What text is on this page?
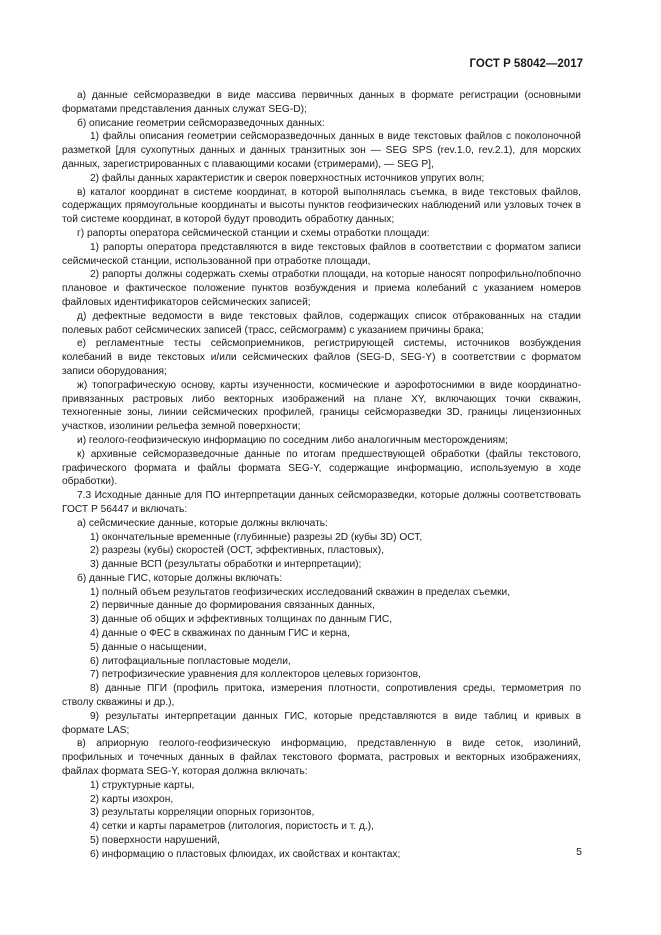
ГОСТ Р 58042—2017

а) данные сейсморазведки в виде массива первичных данных в формате регистрации (основными форматами представления данных служат SEG-D);

б) описание геометрии сейсморазведочных данных:

1) файлы описания геометрии сейсморазведочных данных в виде текстовых файлов с поколоночной разметкой [для сухопутных данных и данных транзитных зон — SEG SPS (rev.1.0, rev.2.1), для морских данных, зарегистрированных с плавающими косами (стримерами), — SEG P],

2) файлы данных характеристик и сверок поверхностных источников упругих волн;

в) каталог координат в системе координат, в которой выполнялась съемка, в виде текстовых файлов, содержащих прямоугольные координаты и высоты пунктов геофизических наблюдений или узловых точек в той системе координат, в которой будут проводить обработку данных;

г) рапорты оператора сейсмической станции и схемы отработки площади:

1) рапорты оператора представляются в виде текстовых файлов в соответствии с форматом записи сейсмической станции, использованной при отработке площади,

2) рапорты должны содержать схемы отработки площади, на которые наносят попрофильно/побпочно плановое и фактическое положение пунктов возбуждения и приема колебаний с указанием номеров файловых идентификаторов сейсмических записей;

д) дефектные ведомости в виде текстовых файлов, содержащих список отбракованных на стадии полевых работ сейсмических записей (трасс, сейсмограмм) с указанием причины брака;

е) регламентные тесты сейсмоприемников, регистрирующей системы, источников возбуждения колебаний в виде текстовых и/или сейсмических файлов (SEG-D, SEG-Y) в соответствии с форматом записи оборудования;

ж) топографическую основу, карты изученности, космические и аэрофотоснимки в виде координатно-привязанных растровых либо векторных изображений на плане XY, включающих точки скважин, техногенные зоны, линии сейсмических профилей, границы сейсморазведки 3D, границы лицензионных участков, изолинии рельефа земной поверхности;

и) геолого-геофизическую информацию по соседним либо аналогичным месторождениям;

к) архивные сейсморазведочные данные по итогам предшествующей обработки (файлы текстового, графического формата и файлы формата SEG-Y, содержащие информацию, используемую в ходе обработки).

7.3 Исходные данные для ПО интерпретации данных сейсморазведки, которые должны соответствовать ГОСТ Р 56447 и включать:

а) сейсмические данные, которые должны включать:

1) окончательные временные (глубинные) разрезы 2D (кубы 3D) ОСТ,

2) разрезы (кубы) скоростей (ОСТ, эффективных, пластовых),

3) данные ВСП (результаты обработки и интерпретации);

б) данные ГИС, которые должны включать:

1) полный объем результатов геофизических исследований скважин в пределах съемки,

2) первичные данные до формирования связанных данных,

3) данные об общих и эффективных толщинах по данным ГИС,

4) данные о ФЕС в скважинах по данным ГИС и керна,

5) данные о насыщении,

6) литофациальные попластовые модели,

7) петрофизические уравнения для коллекторов целевых горизонтов,

8) данные ПГИ (профиль притока, измерения плотности, сопротивления среды, термометрия по стволу скважины и др.),

9) результаты интерпретации данных ГИС, которые представляются в виде таблиц и кривых в формате LAS;

в) априорную геолого-геофизическую информацию, представленную в виде сеток, изолиний, профильных и точечных данных в файлах текстового формата, растровых и векторных изображениях, файлах формата SEG-Y, которая должна включать:

1) структурные карты,

2) карты изохрон,

3) результаты корреляции опорных горизонтов,

4) сетки и карты параметров (литология, пористость и т. д.),

5) поверхности нарушений,

6) информацию о пластовых флюидах, их свойствах и контактах;	5
